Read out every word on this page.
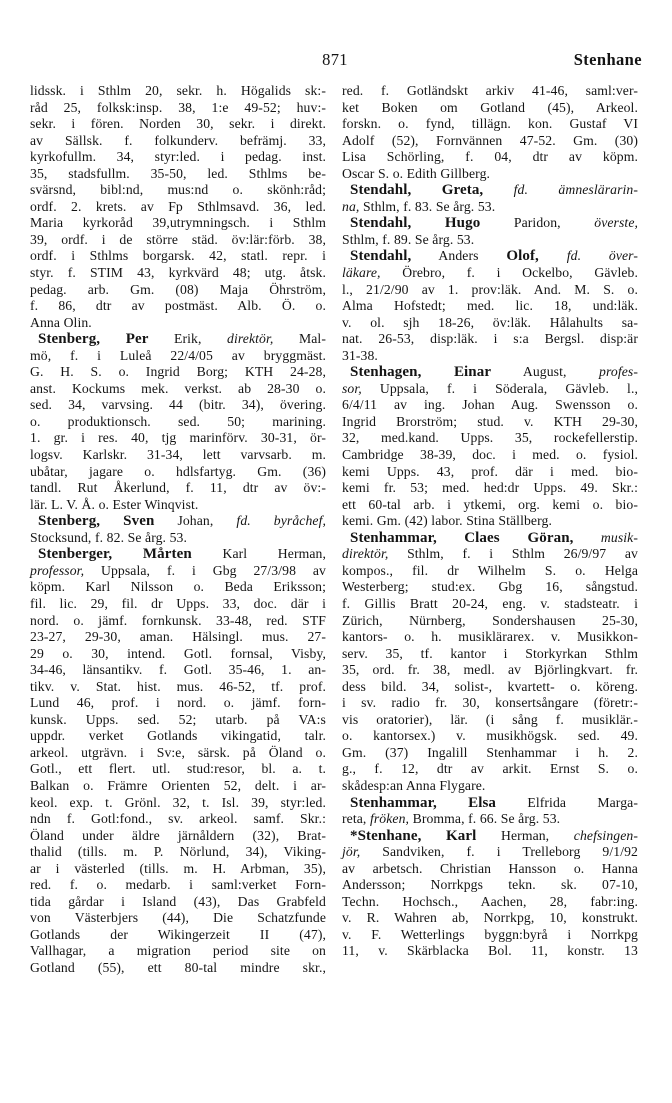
871	Stenhane
lidssk. i Sthlm 20, sekr. h. Högalids sk:-
råd 25, folksk:insp. 38, 1:e 49-52; huv:-
sekr. i fören. Norden 30, sekr. i direkt.
av Sällsk. f. folkunderv. befrämj. 33,
kyrkofullm. 34, styr:led. i pedag. inst.
35, stadsfullm. 35-50, led. Sthlms be-
svärsnd, bibl:nd, mus:nd o. skönh:råd;
ordf. 2. krets. av Fp Sthlmsavd. 36, led.
Maria kyrkoråd 39,utrymningsch. i Sthlm
39, ordf. i de större städ. öv:lär:förb. 38,
ordf. i Sthlms borgarsk. 42, statl. repr. i
styr. f. STIM 43, kyrkvärd 48; utg. åtsk.
pedag. arb. Gm. (08) Maja Öhrström,
f. 86, dtr av postmäst. Alb. Ö. o.
Anna Olin.
Stenberg, Per Erik, direktör, Mal-
mö, f. i Luleå 22/4/05 av bryggmäst.
G. H. S. o. Ingrid Borg; KTH 24-28,
anst. Kockums mek. verkst. ab 28-30 o.
sed. 34, varvsing. 44 (bitr. 34), övering.
o. produktionsch. sed. 50; marining.
1. gr. i res. 40, tjg marinförv. 30-31, ör-
logsv. Karlskr. 31-34, lett varvsarb. m.
ubåtar, jagare o. hdlsfartyg. Gm. (36)
tandl. Rut Åkerlund, f. 11, dtr av öv:-
lär. L. V. Å. o. Ester Winqvist.
Stenberg, Sven Johan, fd. byråchef,
Stocksund, f. 82. Se årg. 53.
Stenberger, Mårten Karl Herman,
professor, Uppsala, f. i Gbg 27/3/98 av
köpm. Karl Nilsson o. Beda Eriksson;
fil. lic. 29, fil. dr Upps. 33, doc. där i
nord. o. jämf. fornkunsk. 33-48, red. STF
23-27, 29-30, aman. Hälsingl. mus. 27-
29 o. 30, intend. Gotl. fornsal, Visby,
34-46, länsantikv. f. Gotl. 35-46, 1. an-
tikv. v. Stat. hist. mus. 46-52, tf. prof.
Lund 46, prof. i nord. o. jämf. forn-
kunsk. Upps. sed. 52; utarb. på VA:s
uppdr. verket Gotlands vikingatid, talr.
arkeol. utgrävn. i Sv:e, särsk. på Öland o.
Gotl., ett flert. utl. stud:resor, bl. a. t.
Balkan o. Främre Orienten 52, delt. i ar-
keol. exp. t. Grönl. 32, t. Isl. 39, styr:led.
ndn f. Gotl:fond., sv. arkeol. samf. Skr.:
Öland under äldre järnåldern (32), Brat-
thalid (tills. m. P. Nörlund, 34), Viking-
ar i västerled (tills. m. H. Arbman, 35),
red. f. o. medarb. i saml:verket Forn-
tida gårdar i Island (43), Das Grabfeld
von Västerbjers (44), Die Schatzfunde
Gotlands der Wikingerzeit II (47),
Vallhagar, a migration period site on
Gotland (55), ett 80-tal mindre skr.,
red. f. Gotländskt arkiv 41-46, saml:ver-
ket Boken om Gotland (45), Arkeol.
forskn. o. fynd, tillägn. kon. Gustaf VI
Adolf (52), Fornvännen 47-52. Gm. (30)
Lisa Schörling, f. 04, dtr av köpm.
Oscar S. o. Edith Gillberg.
Stendahl, Greta, fd. ämneslärarin-
na, Sthlm, f. 83. Se årg. 53.
Stendahl, Hugo Paridon, överste,
Sthlm, f. 89. Se årg. 53.
Stendahl, Anders Olof, fd. över-
läkare, Örebro, f. i Ockelbo, Gävleb.
l., 21/2/90 av 1. prov:läk. And. M. S. o.
Alma Hofstedt; med. lic. 18, und:läk.
v. ol. sjh 18-26, öv:läk. Hålahults sa-
nat. 26-53, disp:läk. i s:a Bergsl. disp:är
31-38.
Stenhagen, Einar August, profes-
sor, Uppsala, f. i Söderala, Gävleb. l.,
6/4/11 av ing. Johan Aug. Swensson o.
Ingrid Brorström; stud. v. KTH 29-30,
32, med.kand. Upps. 35, rockefellerstip.
Cambridge 38-39, doc. i med. o. fysiol.
kemi Upps. 43, prof. där i med. bio-
kemi fr. 53; med. hed:dr Upps. 49. Skr.:
ett 60-tal arb. i ytkemi, org. kemi o. bio-
kemi. Gm. (42) labor. Stina Ställberg.
Stenhammar, Claes Göran, musik-
direktör, Sthlm, f. i Sthlm 26/9/97 av
kompos., fil. dr Wilhelm S. o. Helga
Westerberg; stud:ex. Gbg 16, sångstud.
f. Gillis Bratt 20-24, eng. v. stadsteatr. i
Zürich, Nürnberg, Sondershausen 25-30,
kantors- o. h. musiklärarex. v. Musikkon-
serv. 35, tf. kantor i Storkyrkan Sthlm
35, ord. fr. 38, medl. av Björlingkvart. fr.
dess bild. 34, solist-, kvartett- o. köreng.
i sv. radio fr. 30, konsertsångare (företr:-
vis oratorier), lär. (i sång f. musiklär.-
o. kantorsex.) v. musikhögsk. sed. 49.
Gm. (37) Ingalill Stenhammar i h. 2.
g., f. 12, dtr av arkit. Ernst S. o.
skådesp:an Anna Flygare.
Stenhammar, Elsa Elfrida Marga-
reta, fröken, Bromma, f. 66. Se årg. 53.
*Stenhane, Karl Herman, chefsingen-
jör, Sandviken, f. i Trelleborg 9/1/92
av arbetsch. Christian Hansson o. Hanna
Andersson; Norrkpgs tekn. sk. 07-10,
Techn. Hochsch., Aachen, 28, fabr:ing.
v. R. Wahren ab, Norrkpg, 10, konstrukt.
v. F. Wetterlings byggn:byrå i Norrkpg
11, v. Skärblacka Bol. 11, konstr. 13
